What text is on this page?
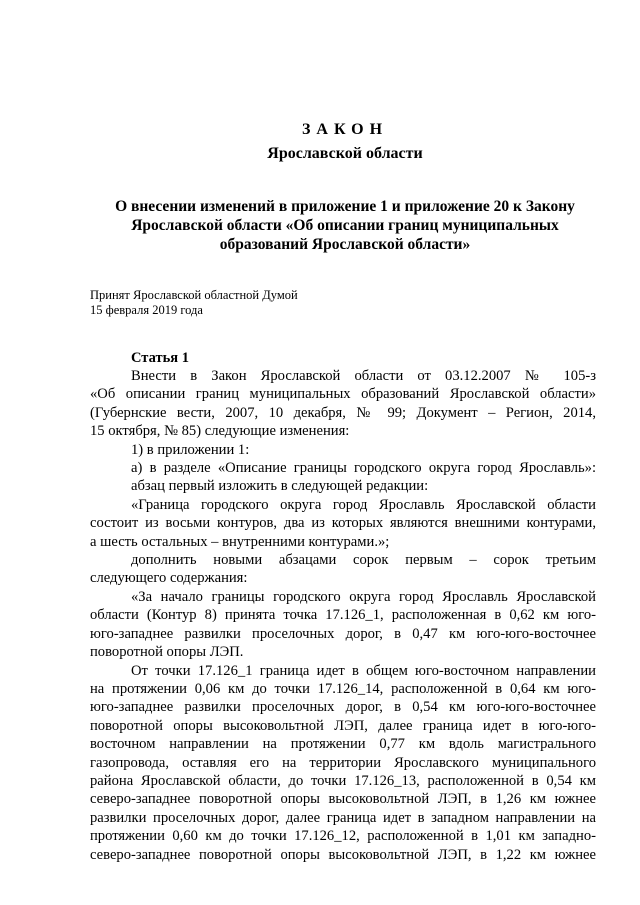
ЗАКОН
Ярославской области
О внесении изменений в приложение 1 и приложение 20 к Закону
Ярославской области «Об описании границ муниципальных
образований Ярославской области»
Принят Ярославской областной Думой
15 февраля 2019 года
Статья 1
Внести в Закон Ярославской области от 03.12.2007 № 105-з
«Об описании границ муниципальных образований Ярославской области»
(Губернские вести, 2007, 10 декабря, № 99; Документ – Регион, 2014,
15 октября, № 85) следующие изменения:
1) в приложении 1:
а) в разделе «Описание границы городского округа город Ярославль»:
абзац первый изложить в следующей редакции:
«Граница городского округа город Ярославль Ярославской области
состоит из восьми контуров, два из которых являются внешними контурами,
а шесть остальных – внутренними контурами.»;
дополнить новыми абзацами сорок первым – сорок третьим
следующего содержания:
«За начало границы городского округа город Ярославль Ярославской
области (Контур 8) принята точка 17.126_1, расположенная в 0,62 км юго-
юго-западнее развилки проселочных дорог, в 0,47 км юго-юго-восточнее
поворотной опоры ЛЭП.
От точки 17.126_1 граница идет в общем юго-восточном направлении
на протяжении 0,06 км до точки 17.126_14, расположенной в 0,64 км юго-
юго-западнее развилки проселочных дорог, в 0,54 км юго-юго-восточнее
поворотной опоры высоковольтной ЛЭП, далее граница идет в юго-юго-
восточном направлении на протяжении 0,77 км вдоль магистрального
газопровода, оставляя его на территории Ярославского муниципального
района Ярославской области, до точки 17.126_13, расположенной в 0,54 км
северо-западнее поворотной опоры высоковольтной ЛЭП, в 1,26 км южнее
развилки проселочных дорог, далее граница идет в западном направлении на
протяжении 0,60 км до точки 17.126_12, расположенной в 1,01 км западно-
северо-западнее поворотной опоры высоковольтной ЛЭП, в 1,22 км южнее
